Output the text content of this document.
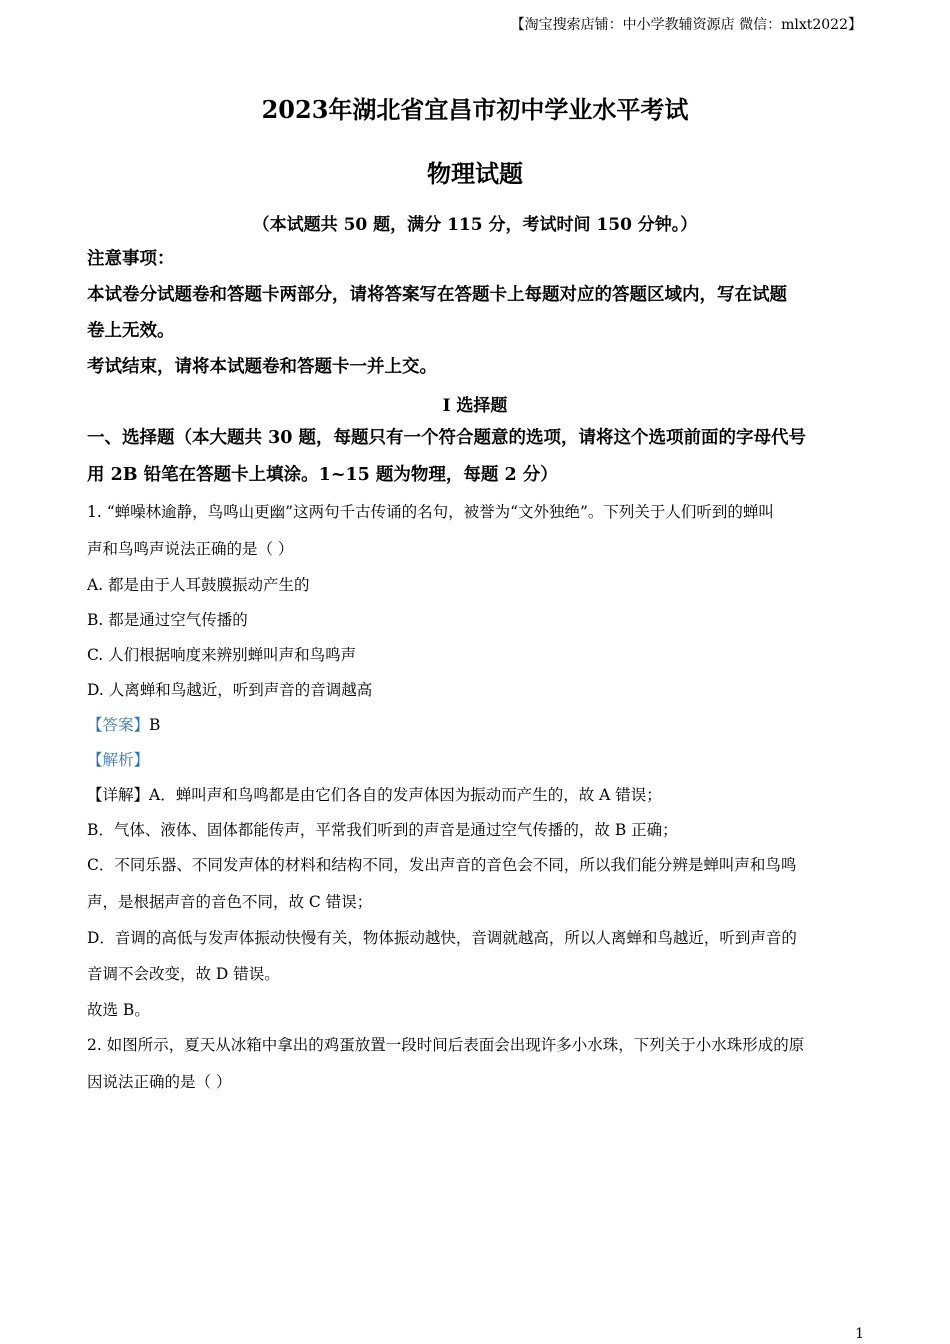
【淘宝搜索店铺：中小学教辅资源店 微信：mlxt2022】
2023年湖北省宜昌市初中学业水平考试
物理试题
（本试题共 50 题，满分 115 分，考试时间 150 分钟。）
注意事项：
本试卷分试题卷和答题卡两部分，请将答案写在答题卡上每题对应的答题区域内，写在试题
卷上无效。
考试结束，请将本试题卷和答题卡一并上交。
I 选择题
一、选择题（本大题共 30 题，每题只有一个符合题意的选项，请将这个选项前面的字母代号
用 2B 铅笔在答题卡上填涂。1~15 题为物理，每题 2 分）
1. “蝉噪林逾静，鸟鸣山更幽”这两句千古传诵的名句，被誉为“文外独绝”。下列关于人们听到的蝉叫
声和鸟鸣声说法正确的是（ ）
A. 都是由于人耳鼓膜振动产生的
B. 都是通过空气传播的
C. 人们根据响度来辨别蝉叫声和鸟鸣声
D. 人离蝉和鸟越近，听到声音的音调越高
【答案】B
【解析】
【详解】A．蝉叫声和鸟鸣都是由它们各自的发声体因为振动而产生的，故 A 错误；
B．气体、液体、固体都能传声，平常我们听到的声音是通过空气传播的，故 B 正确；
C．不同乐器、不同发声体的材料和结构不同，发出声音的音色会不同，所以我们能分辨是蝉叫声和鸟鸣
声，是根据声音的音色不同，故 C 错误；
D．音调的高低与发声体振动快慢有关，物体振动越快，音调就越高，所以人离蝉和鸟越近，听到声音的
音调不会改变，故 D 错误。
故选 B。
2. 如图所示，夏天从冰箱中拿出的鸡蛋放置一段时间后表面会出现许多小水珠，下列关于小水珠形成的原
因说法正确的是（ ）
1
